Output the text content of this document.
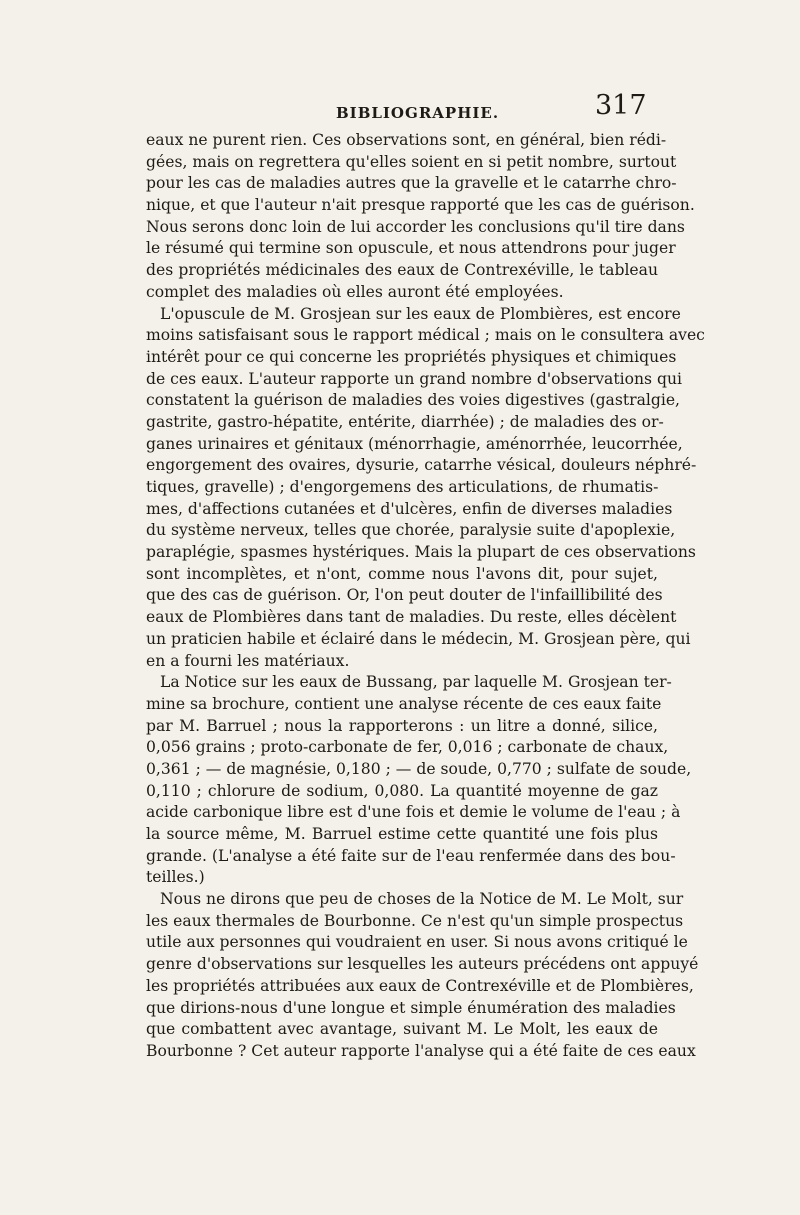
BIBLIOGRAPHIE.	317
eaux ne purent rien. Ces observations sont, en général, bien rédi-
gées, mais on regrettera qu'elles soient en si petit nombre, surtout
pour les cas de maladies autres que la gravelle et le catarrhe chro-
nique, et que l'auteur n'ait presque rapporté que les cas de guérison.
Nous serons donc loin de lui accorder les conclusions qu'il tire dans
le résumé qui termine son opuscule, et nous attendrons pour juger
des propriétés médicinales des eaux de Contrexéville, le tableau
complet des maladies où elles auront été employées.
L'opuscule de M. Grosjean sur les eaux de Plombières, est encore
moins satisfaisant sous le rapport médical ; mais on le consultera avec
intérêt pour ce qui concerne les propriétés physiques et chimiques
de ces eaux. L'auteur rapporte un grand nombre d'observations qui
constatent la guérison de maladies des voies digestives (gastralgie,
gastrite, gastro-hépatite, entérite, diarrhée) ; de maladies des or-
ganes urinaires et génitaux (ménorrhagie, aménorrhée, leucorrhée,
engorgement des ovaires, dysurie, catarrhe vésical, douleurs néphré-
tiques, gravelle) ; d'engorgemens des articulations, de rhumatis-
mes, d'affections cutanées et d'ulcères, enfin de diverses maladies
du système nerveux, telles que chorée, paralysie suite d'apoplexie,
paraplégie, spasmes hystériques. Mais la plupart de ces observations
sont incomplètes, et n'ont, comme nous l'avons dit, pour sujet,
que des cas de guérison. Or, l'on peut douter de l'infaillibilité des
eaux de Plombières dans tant de maladies. Du reste, elles décèlent
un praticien habile et éclairé dans le médecin, M. Grosjean père, qui
en a fourni les matériaux.
La Notice sur les eaux de Bussang, par laquelle M. Grosjean ter-
mine sa brochure, contient une analyse récente de ces eaux faite
par M. Barruel ; nous la rapporterons : un litre a donné, silice,
0,056 grains ; proto-carbonate de fer, 0,016 ; carbonate de chaux,
0,361 ; — de magnésie, 0,180 ; — de soude, 0,770 ; sulfate de soude,
0,110 ; chlorure de sodium, 0,080. La quantité moyenne de gaz
acide carbonique libre est d'une fois et demie le volume de l'eau ; à
la source même, M. Barruel estime cette quantité une fois plus
grande. (L'analyse a été faite sur de l'eau renfermée dans des bou-
teilles.)
Nous ne dirons que peu de choses de la Notice de M. Le Molt, sur
les eaux thermales de Bourbonne. Ce n'est qu'un simple prospectus
utile aux personnes qui voudraient en user. Si nous avons critiqué le
genre d'observations sur lesquelles les auteurs précédens ont appuyé
les propriétés attribuées aux eaux de Contrexéville et de Plombières,
que dirions-nous d'une longue et simple énumération des maladies
que combattent avec avantage, suivant M. Le Molt, les eaux de
Bourbonne ? Cet auteur rapporte l'analyse qui a été faite de ces eaux
